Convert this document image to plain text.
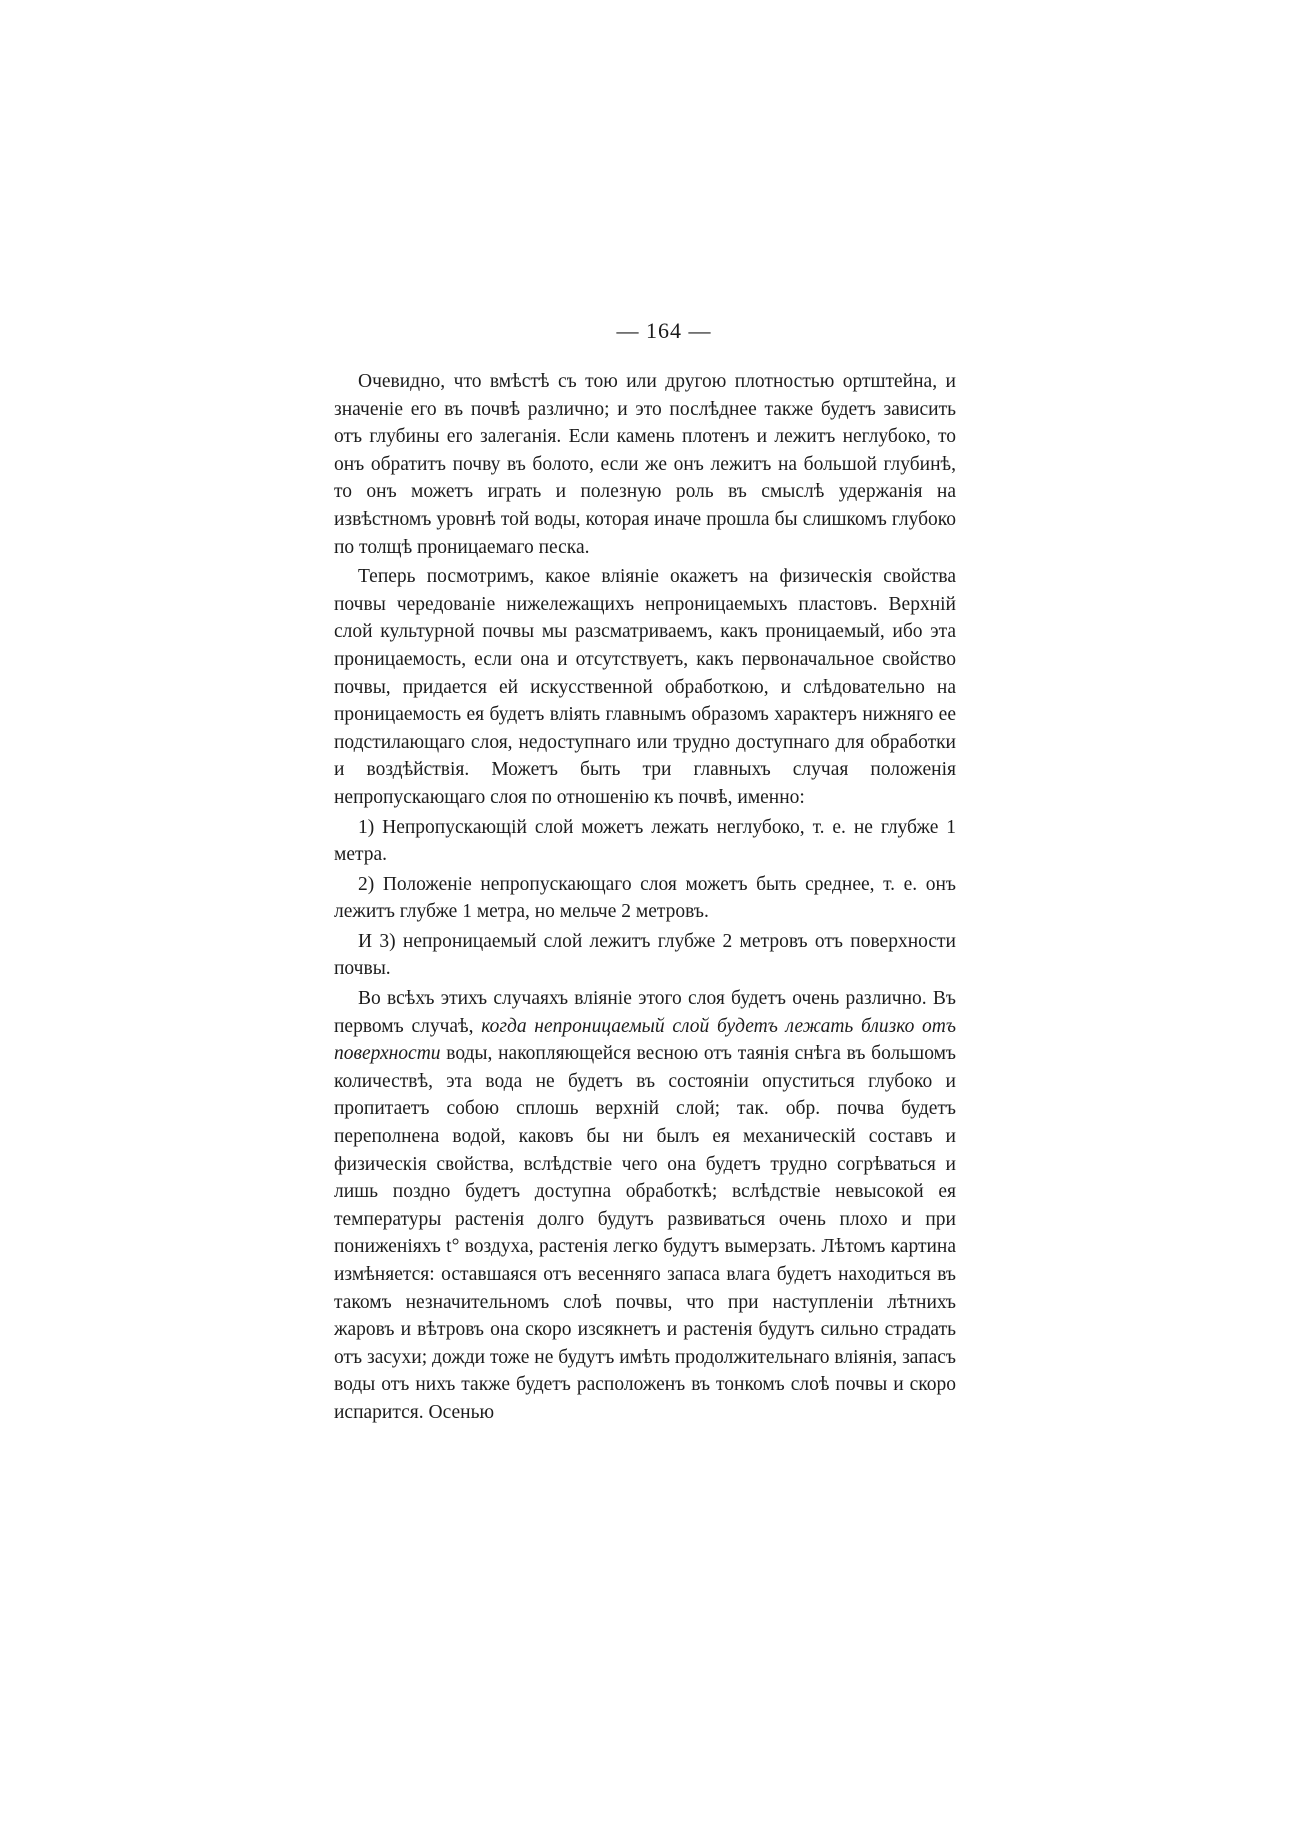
— 164 —

Очевидно, что вмѣстѣ съ тою или другою плотностью ортштейна, и значеніе его въ почвѣ различно; и это послѣднее также будетъ зависить отъ глубины его залеганія. Если камень плотенъ и лежитъ неглубоко, то онъ обратитъ почву въ болото, если же онъ лежитъ на большой глубинѣ, то онъ можетъ играть и полезную роль въ смыслѣ удержанія на извѣстномъ уровнѣ той воды, которая иначе прошла бы слишкомъ глубоко по толщѣ проницаемаго песка.

Теперь посмотримъ, какое вліяніе окажетъ на физическія свойства почвы чередованіе нижележащихъ непроницаемыхъ пластовъ. Верхній слой культурной почвы мы разсматриваемъ, какъ проницаемый, ибо эта проницаемость, если она и отсутствуетъ, какъ первоначальное свойство почвы, придается ей искусственной обработкою, и слѣдовательно на проницаемость ея будетъ вліять главнымъ образомъ характеръ нижняго ее подстилающаго слоя, недоступнаго или трудно доступнаго для обработки и воздѣйствія. Можетъ быть три главныхъ случая положенія непропускающаго слоя по отношенію къ почвѣ, именно:

1) Непропускающій слой можетъ лежать неглубоко, т. е. не глубже 1 метра.

2) Положеніе непропускающаго слоя можетъ быть среднее, т. е. онъ лежитъ глубже 1 метра, но мельче 2 метровъ.

И 3) непроницаемый слой лежитъ глубже 2 метровъ отъ поверхности почвы.

Во всѣхъ этихъ случаяхъ вліяніе этого слоя будетъ очень различно. Въ первомъ случаѣ, когда непроницаемый слой будетъ лежать близко отъ поверхности воды, накопляющейся весною отъ таянія снѣга въ большомъ количествѣ, эта вода не будетъ въ состояніи опуститься глубоко и пропитаетъ собою сплошь верхній слой; так. обр. почва будетъ переполнена водой, каковъ бы ни былъ ея механическій составъ и физическія свойства, вслѣдствіе чего она будетъ трудно согрѣваться и лишь поздно будетъ доступна обработкѣ; вслѣдствіе невысокой ея температуры растенія долго будутъ развиваться очень плохо и при пониженіяхъ t° воздуха, растенія легко будутъ вымерзать. Лѣтомъ картина измѣняется: оставшаяся отъ весенняго запаса влага будетъ находиться въ такомъ незначительномъ слоѣ почвы, что при наступленіи лѣтнихъ жаровъ и вѣтровъ она скоро изсякнетъ и растенія будутъ сильно страдать отъ засухи; дожди тоже не будутъ имѣть продолжительнаго вліянія, запасъ воды отъ нихъ также будетъ расположенъ въ тонкомъ слоѣ почвы и скоро испарится. Осенью
